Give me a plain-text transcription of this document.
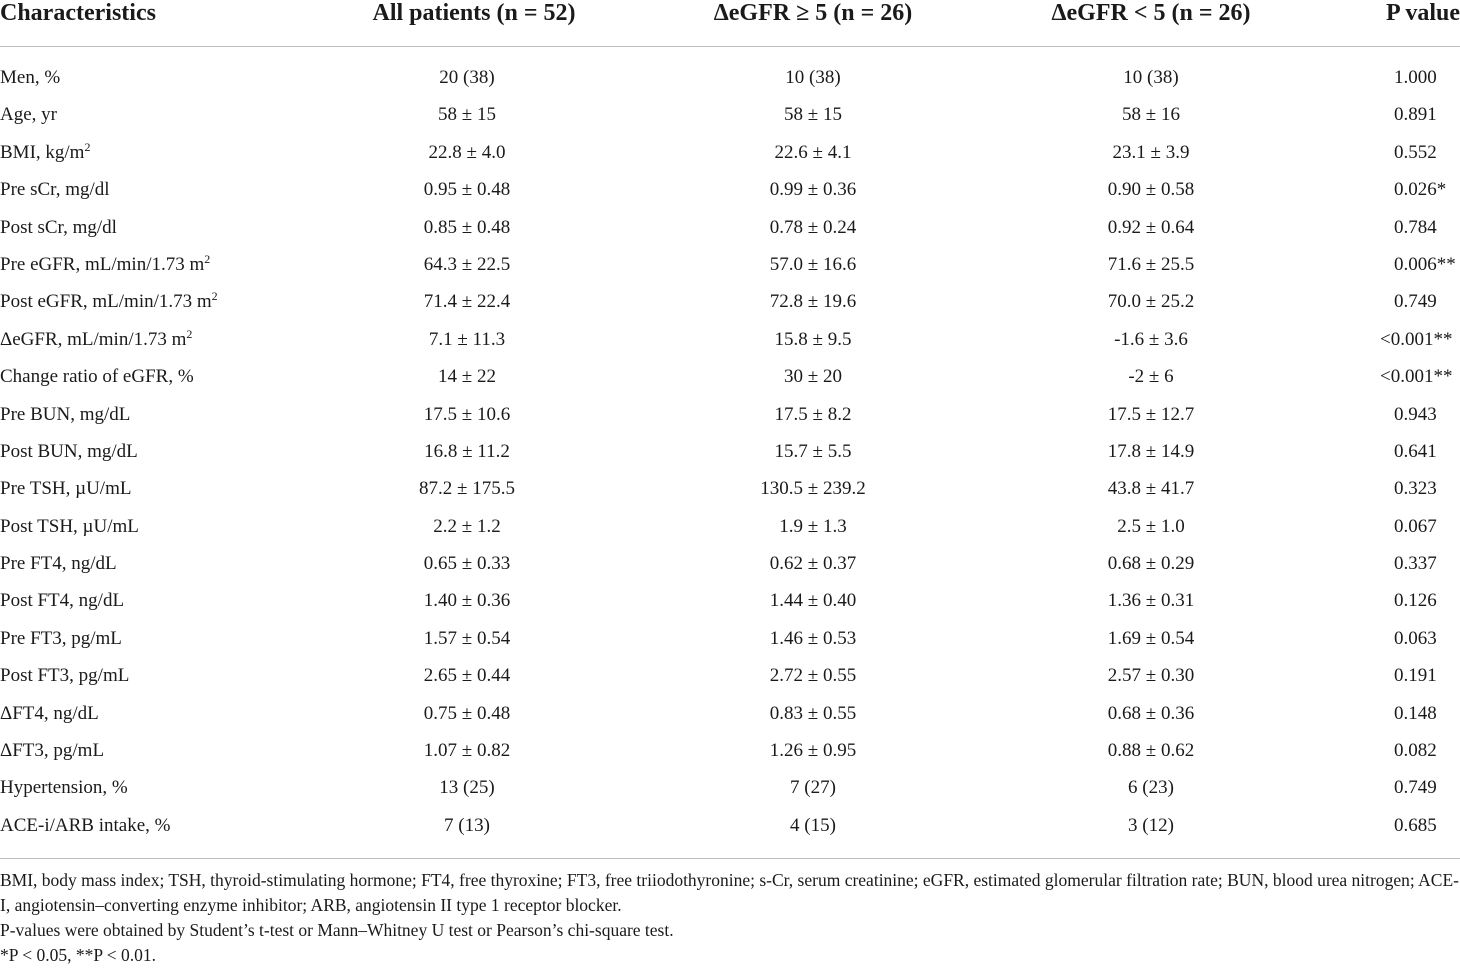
Characteristics	All patients (n = 52)	ΔeGFR ≥ 5 (n = 26)	ΔeGFR < 5 (n = 26)	P value
Men, %	20 (38)	10 (38)	10 (38)	1.000
Age, yr	58 ± 15	58 ± 15	58 ± 16	0.891
BMI, $kg/m^2$	22.8 ± 4.0	22.6 ± 4.1	23.1 ± 3.9	0.552
Pre sCr, mg/dl	0.95 ± 0.48	0.99 ± 0.36	0.90 ± 0.58	0.026*
Post sCr, mg/dl	0.85 ± 0.48	0.78 ± 0.24	0.92 ± 0.64	0.784
Pre eGFR, mL/min/1.73 $m^2$	64.3 ± 22.5	57.0 ± 16.6	71.6 ± 25.5	0.006**
Post eGFR, mL/min/1.73 $m^2$	71.4 ± 22.4	72.8 ± 19.6	70.0 ± 25.2	0.749
ΔeGFR, mL/min/1.73 $m^2$	7.1 ± 11.3	15.8 ± 9.5	-1.6 ± 3.6	<0.001**
Change ratio of eGFR, %	14 ± 22	30 ± 20	-2 ± 6	<0.001**
Pre BUN, mg/dL	17.5 ± 10.6	17.5 ± 8.2	17.5 ± 12.7	0.943
Post BUN, mg/dL	16.8 ± 11.2	15.7 ± 5.5	17.8 ± 14.9	0.641
Pre TSH, µU/mL	87.2 ± 175.5	130.5 ± 239.2	43.8 ± 41.7	0.323
Post TSH, µU/mL	2.2 ± 1.2	1.9 ± 1.3	2.5 ± 1.0	0.067
Pre FT4, ng/dL	0.65 ± 0.33	0.62 ± 0.37	0.68 ± 0.29	0.337
Post FT4, ng/dL	1.40 ± 0.36	1.44 ± 0.40	1.36 ± 0.31	0.126
Pre FT3, pg/mL	1.57 ± 0.54	1.46 ± 0.53	1.69 ± 0.54	0.063
Post FT3, pg/mL	2.65 ± 0.44	2.72 ± 0.55	2.57 ± 0.30	0.191
ΔFT4, ng/dL	0.75 ± 0.48	0.83 ± 0.55	0.68 ± 0.36	0.148
ΔFT3, pg/mL	1.07 ± 0.82	1.26 ± 0.95	0.88 ± 0.62	0.082
Hypertension, %	13 (25)	7 (27)	6 (23)	0.749
ACE-i/ARB intake, %	7 (13)	4 (15)	3 (12)	0.685

BMI, body mass index; TSH, thyroid-stimulating hormone; FT4, free thyroxine; FT3, free triiodothyronine; s-Cr, serum creatinine; eGFR, estimated glomerular filtration rate; BUN, blood urea nitrogen; ACE-I, angiotensin–converting enzyme inhibitor; ARB, angiotensin II type 1 receptor blocker.

P-values were obtained by Student’s t-test or Mann–Whitney U test or Pearson’s chi-square test.

*P < 0.05, **P < 0.01.
